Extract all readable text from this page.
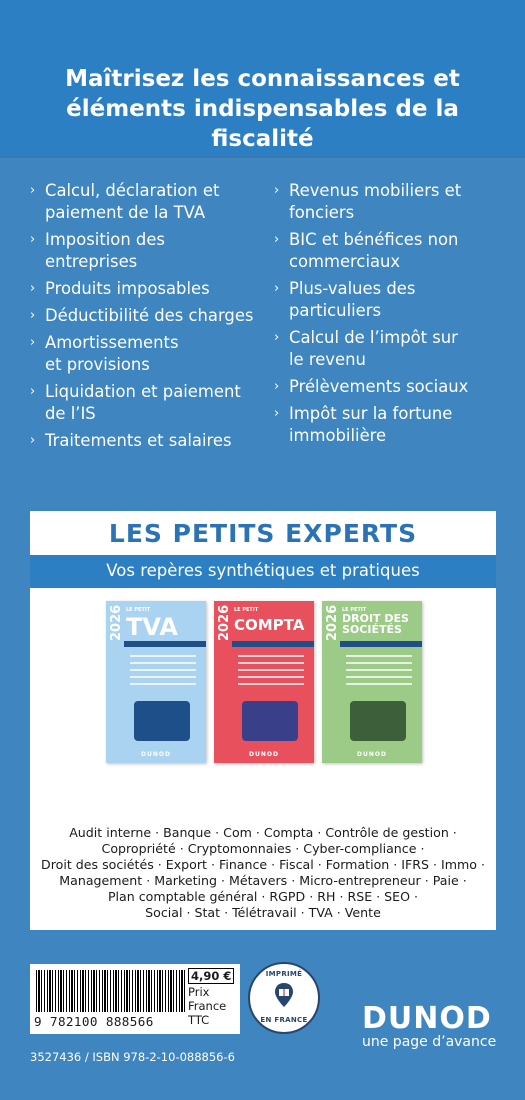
Maîtrisez les connaissances et
éléments indispensables de la fiscalité
› Calcul, déclaration et
paiement de la TVA
› Imposition des
entreprises
› Produits imposables
› Déductibilité des charges
› Amortissements
et provisions
› Liquidation et paiement
de l’IS
› Traitements et salaires
› Revenus mobiliers et
fonciers
› BIC et bénéfices non
commerciaux
› Plus-values des
particuliers
› Calcul de l’impôt sur
le revenu
› Prélèvements sociaux
› Impôt sur la fortune
immobilière
LES PETITS EXPERTS
Vos repères synthétiques et pratiques
2026 LE PETIT
TVA
DUNOD
2026 LE PETIT
COMPTA
DUNOD
2026 LE PETIT
DROIT DES SOCIÉTÉS
DUNOD
Audit interne · Banque · Com · Compta · Contrôle de gestion ·
Copropriété · Cryptomonnaies · Cyber-compliance ·
Droit des sociétés · Export · Finance · Fiscal · Formation · IFRS · Immo ·
Management · Marketing · Métavers · Micro-entrepreneur · Paie ·
Plan comptable général · RGPD · RH · RSE · SEO ·
Social · Stat · Télétravail · TVA · Vente
9 782100 888566
4,90 €
Prix
France
TTC
IMPRIMÉ
EN FRANCE	DUNOD
une page d’avance
3527436 / ISBN 978-2-10-088856-6
